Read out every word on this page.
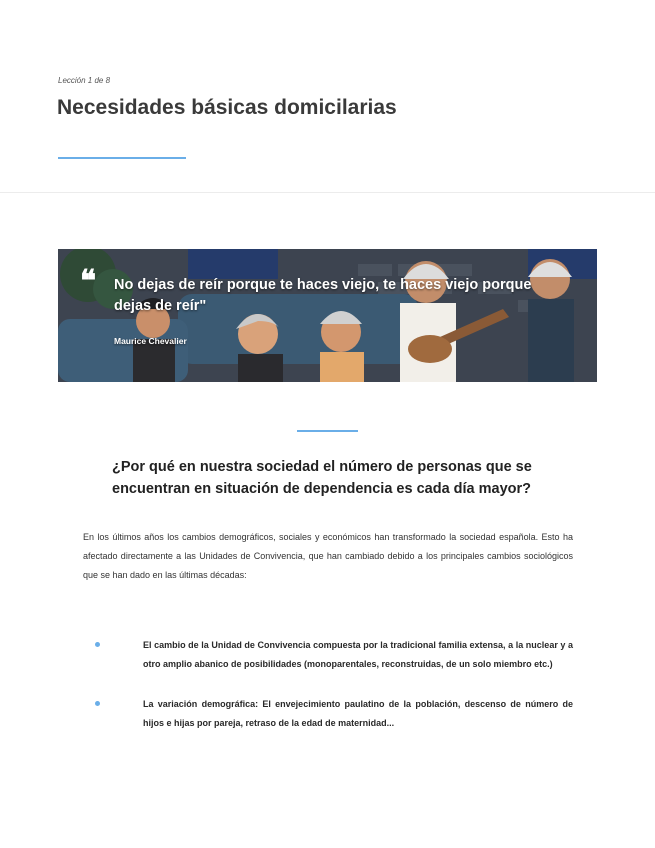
Lección 1 de 8
Necesidades básicas domicilarias
❝ No dejas de reír porque te haces viejo, te haces viejo porque dejas de reír"
Maurice Chevalier
¿Por qué en nuestra sociedad el número de personas que se encuentran en situación de dependencia es cada día mayor?

En los últimos años los cambios demográficos, sociales y económicos han transformado la sociedad española. Esto ha afectado directamente a las Unidades de Convivencia, que han cambiado debido a los principales cambios sociológicos que se han dado en las últimas décadas:

El cambio de la Unidad de Convivencia compuesta por la tradicional familia extensa, a la nuclear y a otro amplio abanico de posibilidades (monoparentales, reconstruidas, de un solo miembro etc.)
La variación demográfica: El envejecimiento paulatino de la población, descenso de número de hijos e hijas por pareja, retraso de la edad de maternidad...
